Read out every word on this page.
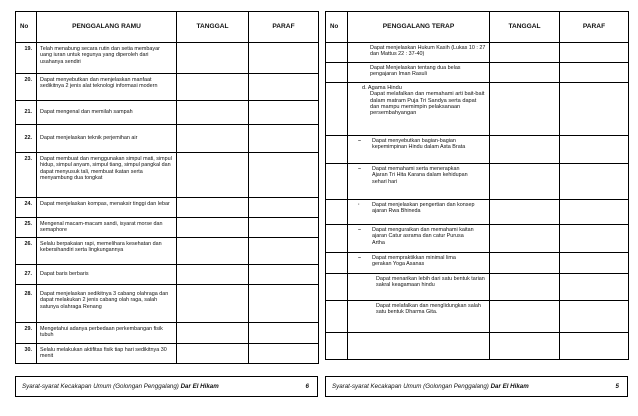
No	PENGGALANG RAMU	TANGGAL	PARAF
19.	Telah menabung secara rutin dan setia membayar uang iuran untuk regunya yang diperoleh dari usahanya sendiri		
20.	Dapat menyebutkan dan menjelaskan manfaat sedikitnya 2 jenis alat teknologi informasi modern		
21.	Dapat mengenal dan memilah sampah		
22.	Dapat menjelaskan teknik perjemihan air		
23.	Dapat membuat dan menggunakan simpul mati, simpul hidup, simpul anyam, simpul tiang, simpul pangkal dan dapat menyusuk tali, membuat ikatan serta menyambung dua tongkat		
24.	Dapat menjelaskan kompas, menaksir tinggi dan lebar		
25.	Mengenal macam-macam sandi, isyarat morse dan semaphore		
26.	Selalu berpakaian rapi, memelihara kesehatan dan kebersihandiri serta lingkungannya		
27.	Dapat baris berbaris		
28.	Dapat menjelaskan sedikitnya 3 cabang olahraga dan dapat melakukan 2 jenis cabang olah raga, salah satunya olahraga Renang		
29.	Mengetahui adanya perbedaan perkembangan fisik tubuh		
30.	Selalu melakukan aktifitas fisik tiap hari sedikitnya 30 menit		
Syarat-syarat Kecakapan Umum (Golongan Penggalang) Dar El Hikam	6
No	PENGGALANG TERAP	TANGGAL	PARAF
	Dapat menjelaskan Hukum Kasih (Lukas 10 : 27 dan Mattus 22 : 37-40)		
	Dapat Menjelaskan tentang dua belas pengajaran Iman Rasuli		

	d. Agama Hindu
Dapat melafalkan dan memahami arti bait-bait dalam matram Puja Tri Sandya serta dapat dan mampu memimpin pelaksanaan persembahyangan		

	– Dapat menyebutkan bagian-bagian kepemimpinan Hindu dalam Asta Brata		
	– Dapat memahami serta menerapkan Ajaran Tri Hita Karana dalam kehidupan sehari hari		
	· Dapat menjelaskan pengertian dan konsep ajaran Rwa Bhineda		
	– Dapat menguraikan dan memahami kaitan ajaran Catur asrama dan catur Purusa Artha		
	– Dapat mempraktikkan minimal lima gerakan Yoga Asanas		
	Dapat menarikan lebih dari satu bentuk tarian sakral keagamaan hindu		
	Dapat melafalkan dan menglidungkan salah satu bentuk Dharma Gita.		

Syarat-syarat Kecakapan Umum (Golongan Penggalang) Dar El Hikam	5
